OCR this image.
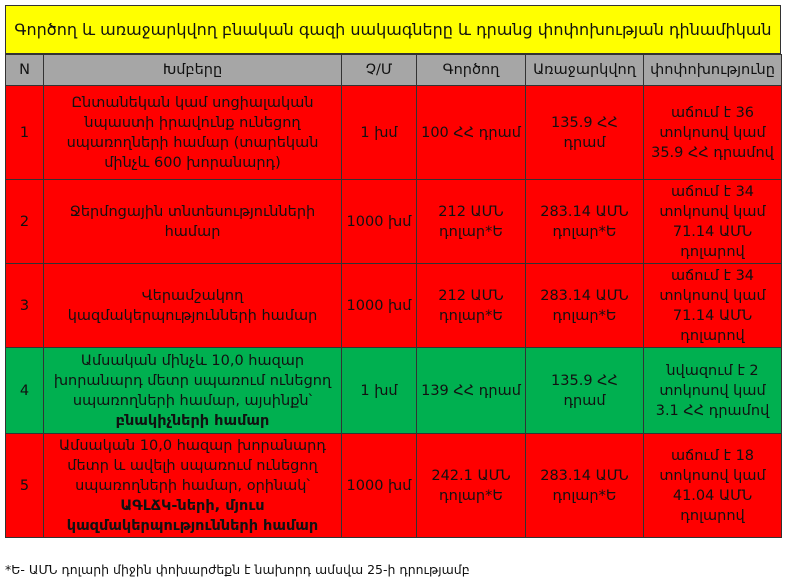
Գործող և առաջարկվող բնական գազի սակագները և դրանց փոփոխության դինամիկան
N	Խմբերը	Չ/Մ	Գործող	Առաջարկվող	փոփոխությունը
1	Ընտանեկան կամ սոցիալական նպաստի իրավունք ունեցող սպառողների համար (տարեկան մինչև 600 խորանարդ)	1 խմ	100 ՀՀ դրամ	135.9 ՀՀ դրամ	աճում է 36 տոկոսով կամ 35.9 ՀՀ դրամով
2	Ջերմոցային տնտեսությունների համար	1000 խմ	212 ԱՄՆ դոլար*Ե	283.14 ԱՄՆ դոլար*Ե	աճում է 34 տոկոսով կամ 71.14 ԱՄՆ դոլարով
3	Վերամշակող կազմակերպությունների համար	1000 խմ	212 ԱՄՆ դոլար*Ե	283.14 ԱՄՆ դոլար*Ե	աճում է 34 տոկոսով կամ 71.14 ԱՄՆ դոլարով
4	Ամսական մինչև 10,0 հազար խորանարդ մետր սպառում ունեցող սպառողների համար, այսինքն՝ բնակիչների համար	1 խմ	139 ՀՀ դրամ	135.9 ՀՀ դրամ	նվազում է 2 տոկոսով կամ 3.1 ՀՀ դրամով
5	Ամսական 10,0 հազար խորանարդ մետր և ավելի սպառում ունեցող սպառողների համար, օրինակ՝ ԱԳԼՃԿ-ների, մյուս կազմակերպությունների համար	1000 խմ	242.1 ԱՄՆ դոլար*Ե	283.14 ԱՄՆ դոլար*Ե	աճում է 18 տոկոսով կամ 41.04 ԱՄՆ դոլարով
*Ե- ԱՄՆ դոլարի միջին փոխարժեքն է նախորդ ամսվա 25-ի դրությամբ
